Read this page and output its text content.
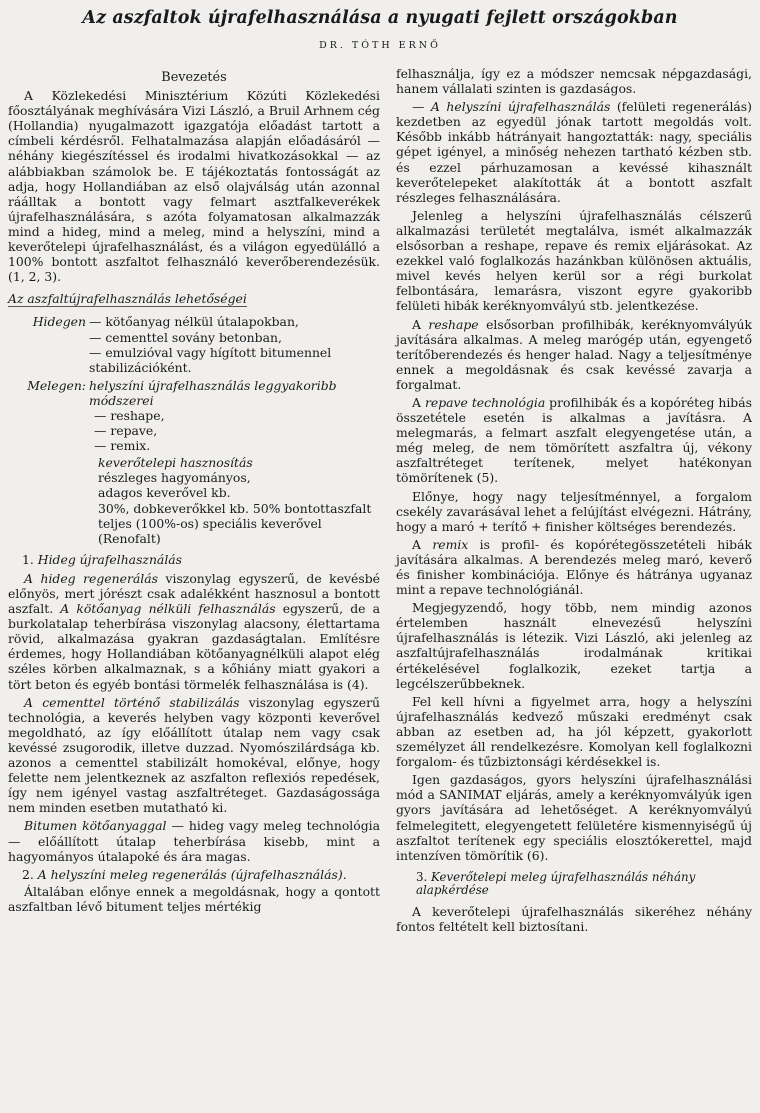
Az aszfaltok újrafelhasználása a nyugati fejlett országokban
DR. TÓTH ERNŐ
Bevezetés

A Közlekedési Minisztérium Közúti Közlekedési főosztályának meghívására Vizi László, a Bruil Arhnem cég (Hollandia) nyugalmazott igazgatója előadást tartott a címbeli kérdésről. Felhatalmazása alapján előadásáról — néhány kiegészítéssel és irodalmi hivatkozásokkal — az alábbiakban számolok be. E tájékoztatás fontosságát az adja, hogy Hollandiában az első olajválság után azonnal ráálltak a bontott vagy felmart asztfalkeverékek újrafelhasználására, s azóta folyamatosan alkalmazzák mind a hideg, mind a meleg, mind a helyszíni, mind a keverőtelepi újrafelhasználást, és a világon egyedülálló a 100% bontott aszfaltot felhasználó keverőberendezésük. (1, 2, 3).

Az aszfaltújrafelhasználás lehetőségei
Hidegen — kötőanyag nélkül útalapokban,
— cementtel sovány betonban,
— emulzióval vagy hígított bitumennel stabilizációként.
Melegen: helyszíni újrafelhasználás leggyakoribb módszerei
— reshape,
— repave,
— remix.
keverőtelepi hasznosítás
részleges hagyományos,
adagos keverővel kb.
30%, dobkeverőkkel kb. 50% bontottaszfalt
teljes (100%-os) speciális keverővel (Renofalt)
1. Hideg újrafelhasználás

A hideg regenerálás viszonylag egyszerű, de kevésbé előnyös, mert jórészt csak adalékként hasznosul a bontott aszfalt. A kötőanyag nélküli felhasználás egyszerű, de a burkolatalap teherbírása viszonylag alacsony, élettartama rövid, alkalmazása gyakran gazdaságtalan. Említésre érdemes, hogy Hollandiában kötőanyagnélküli alapot elég széles körben alkalmaznak, s a kőhiány miatt gyakori a tört beton és egyéb bontási törmelék felhasználása is (4).

A cementtel történő stabilizálás viszonylag egyszerű technológia, a keverés helyben vagy központi keverővel megoldható, az így előállított útalap nem vagy csak kevéssé zsugorodik, illetve duzzad. Nyomószilárdsága kb. azonos a cementtel stabilizált homokéval, előnye, hogy felette nem jelentkeznek az aszfalton reflexiós repedések, így nem igényel vastag aszfaltréteget. Gazdaságossága nem minden esetben mutatható ki.

Bitumen kötőanyaggal — hideg vagy meleg technológia — előállított útalap teherbírása kisebb, mint a hagyományos útalapoké és ára magas.

2. A helyszíni meleg regenerálás (újrafelhasználás).

Általában előnye ennek a megoldásnak, hogy a qontott aszfaltban lévő bitument teljes mértékig

felhasználja, így ez a módszer nemcsak népgazdasági, hanem vállalati szinten is gazdaságos.

— A helyszíni újrafelhasználás (felületi regenerálás) kezdetben az egyedül jónak tartott megoldás volt. Később inkább hátrányait hangoztatták: nagy, speciális gépet igényel, a minőség nehezen tartható kézben stb. és ezzel párhuzamosan a kevéssé kihasznált keverőtelepeket alakították át a bontott aszfalt részleges felhasználására.

Jelenleg a helyszíni újrafelhasználás célszerű alkalmazási területét megtalálva, ismét alkalmazzák elsősorban a reshape, repave és remix eljárásokat. Az ezekkel való foglalkozás hazánkban különösen aktuális, mivel kevés helyen kerül sor a régi burkolat felbontására, lemarásra, viszont egyre gyakoribb felületi hibák keréknyomvályú stb. jelentkezése.

A reshape elsősorban profilhibák, keréknyomvályúk javítására alkalmas. A meleg marógép után, egyengető terítőberendezés és henger halad. Nagy a teljesítménye ennek a megoldásnak és csak kevéssé zavarja a forgalmat.

A repave technológia profilhibák és a kopóréteg hibás összetétele esetén is alkalmas a javításra. A melegmarás, a felmart aszfalt elegyengetése után, a még meleg, de nem tömörített aszfaltra új, vékony aszfaltréteget terítenek, melyet hatékonyan tömörítenek (5).

Előnye, hogy nagy teljesítménnyel, a forgalom csekély zavarásával lehet a felújítást elvégezni. Hátrány, hogy a maró + terítő + finisher költséges berendezés.

A remix is profil- és kopórétegösszetételi hibák javítására alkalmas. A berendezés meleg maró, keverő és finisher kombinációja. Előnye és hátránya ugyanaz mint a repave technológiánál.

Megjegyzendő, hogy több, nem mindig azonos értelemben használt elnevezésű helyszíni újrafelhasználás is létezik. Vizi László, aki jelenleg az aszfaltújrafelhasználás irodalmának kritikai értékelésével foglalkozik, ezeket tartja a legcélszerűbbeknek.

Fel kell hívni a figyelmet arra, hogy a helyszíni újrafelhasználás kedvező műszaki eredményt csak abban az esetben ad, ha jól képzett, gyakorlott személyzet áll rendelkezésre. Komolyan kell foglalkozni forgalom- és tűzbiztonsági kérdésekkel is.

Igen gazdaságos, gyors helyszíni újrafelhasználási mód a SANIMAT eljárás, amely a keréknyomvályúk igen gyors javítására ad lehetőséget. A keréknyomvályú felmelegitett, elegyengetett felületére kismennyiségű új aszfaltot terítenek egy speciális elosztókerettel, majd intenzíven tömörítik (6).

3. Keverőtelepi meleg újrafelhasználás néhány alapkérdése

A keverőtelepi újrafelhasználás sikeréhez néhány fontos feltételt kell biztosítani.
